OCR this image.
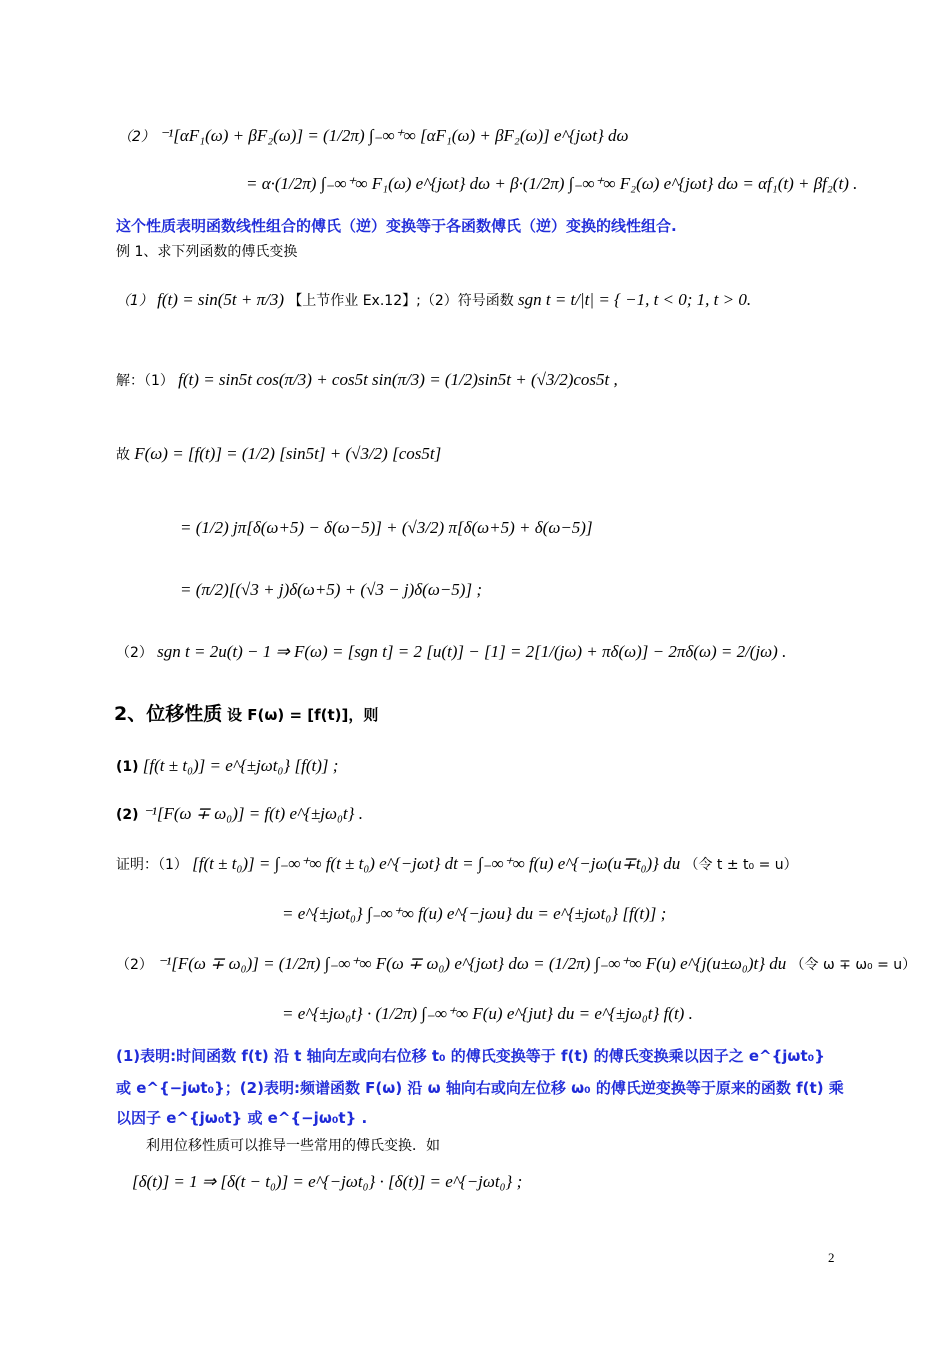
（2） ⁻¹[αF₁(ω) + βF₂(ω)] = (1/2π) ∫₋∞⁺∞ [αF₁(ω) + βF₂(ω)] e^{jωt} dω
= α·(1/2π) ∫₋∞⁺∞ F₁(ω) e^{jωt} dω + β·(1/2π) ∫₋∞⁺∞ F₂(ω) e^{jωt} dω = αf₁(t) + βf₂(t) .
这个性质表明函数线性组合的傅氏（逆）变换等于各函数傅氏（逆）变换的线性组合.
例 1、求下列函数的傅氏变换
（1） f(t) = sin(5t + π/3) 【上节作业 Ex.12】;（2）符号函数 sgn t = t/|t| = { −1, t < 0; 1, t > 0.
解：（1） f(t) = sin5t cos(π/3) + cos5t sin(π/3) = (1/2)sin5t + (√3/2)cos5t ,
故 F(ω) = [f(t)] = (1/2) [sin5t] + (√3/2) [cos5t]
= (1/2) jπ[δ(ω+5) − δ(ω−5)] + (√3/2) π[δ(ω+5) + δ(ω−5)]
= (π/2)[(√3 + j)δ(ω+5) + (√3 − j)δ(ω−5)] ;
（2） sgn t = 2u(t) − 1 ⇒ F(ω) = [sgn t] = 2 [u(t)] − [1] = 2[1/(jω) + πδ(ω)] − 2πδ(ω) = 2/(jω) .
2、位移性质 设 F(ω) = [f(t)]，则
(1) [f(t ± t₀)] = e^{±jωt₀} [f(t)] ;
(2) ⁻¹[F(ω ∓ ω₀)] = f(t) e^{±jω₀t} .
证明：（1） [f(t ± t₀)] = ∫₋∞⁺∞ f(t ± t₀) e^{−jωt} dt = ∫₋∞⁺∞ f(u) e^{−jω(u∓t₀)} du （令 t ± t₀ = u）
= e^{±jωt₀} ∫₋∞⁺∞ f(u) e^{−jωu} du = e^{±jωt₀} [f(t)] ;
（2） ⁻¹[F(ω ∓ ω₀)] = (1/2π) ∫₋∞⁺∞ F(ω ∓ ω₀) e^{jωt} dω = (1/2π) ∫₋∞⁺∞ F(u) e^{j(u±ω₀)t} du （令 ω ∓ ω₀ = u）
= e^{±jω₀t} · (1/2π) ∫₋∞⁺∞ F(u) e^{jut} du = e^{±jω₀t} f(t) .
(1)表明:时间函数 f(t) 沿 t 轴向左或向右位移 t₀ 的傅氏变换等于 f(t) 的傅氏变换乘以因子之 e^{jωt₀}
或 e^{−jωt₀}；(2)表明:频谱函数 F(ω) 沿 ω 轴向右或向左位移 ω₀ 的傅氏逆变换等于原来的函数 f(t) 乘
以因子 e^{jω₀t} 或 e^{−jω₀t} .
利用位移性质可以推导一些常用的傅氏变换．如
[δ(t)] = 1 ⇒ [δ(t − t₀)] = e^{−jωt₀} · [δ(t)] = e^{−jωt₀} ;
2
